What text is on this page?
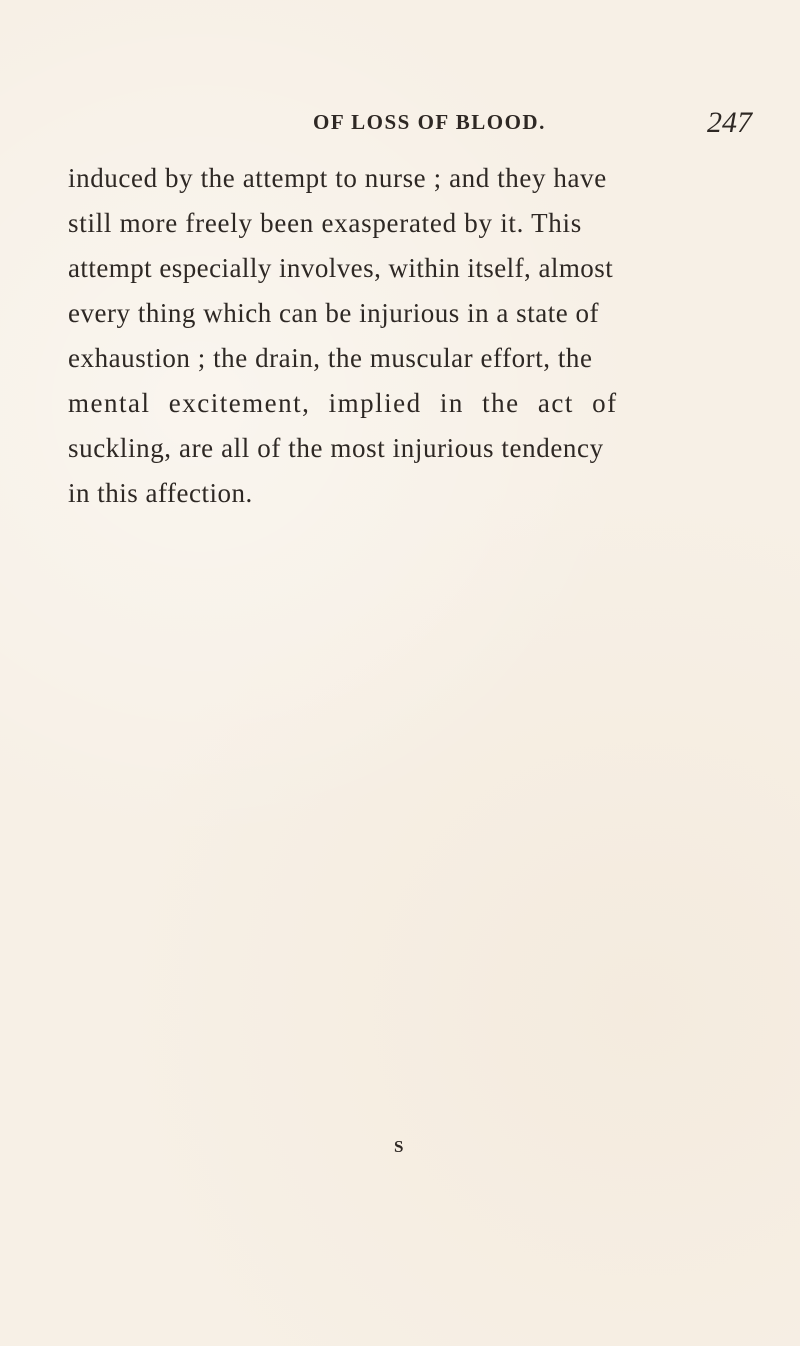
OF LOSS OF BLOOD.	247
induced by the attempt to nurse ; and they have
still more freely been exasperated by it. This
attempt especially involves, within itself, almost
every thing which can be injurious in a state of
exhaustion ; the drain, the muscular effort, the
mental excitement, implied in the act of
suckling, are all of the most injurious tendency
in this affection.
S
